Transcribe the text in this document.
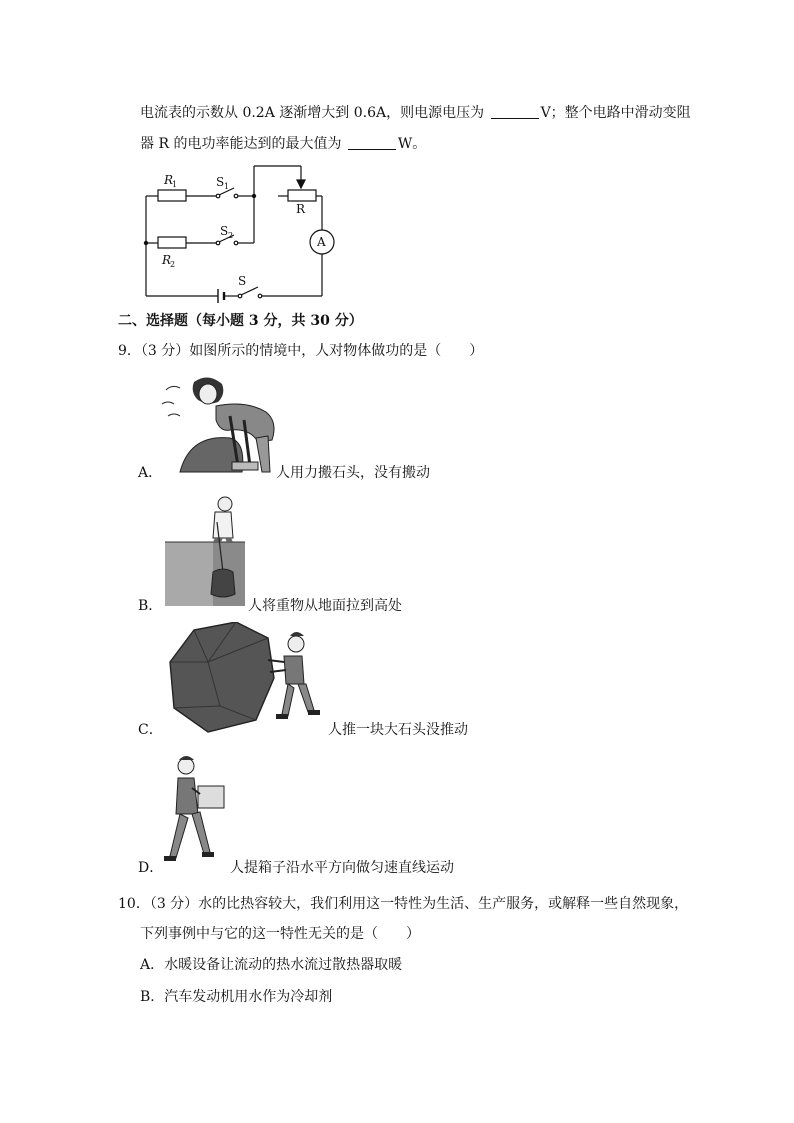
电流表的示数从 0.2A 逐渐增大到 0.6A，则电源电压为	V；整个电路中滑动变阻
器 R 的电功率能达到的最大值为	W。
R
1	S 1
R
S 2	A
R
2
S
二、选择题（每小题 3 分，共 30 分）
9．（3 分）如图所示的情境中，人对物体做功的是（　　）
A．	人用力搬石头，没有搬动
B．	人将重物从地面拉到高处
C．	人推一块大石头没推动
D．	人提箱子沿水平方向做匀速直线运动
10．（3 分）水的比热容较大，我们利用这一特性为生活、生产服务，或解释一些自然现象，
下列事例中与它的这一特性无关的是（　　）
A．水暖设备让流动的热水流过散热器取暖
B．汽车发动机用水作为冷却剂
